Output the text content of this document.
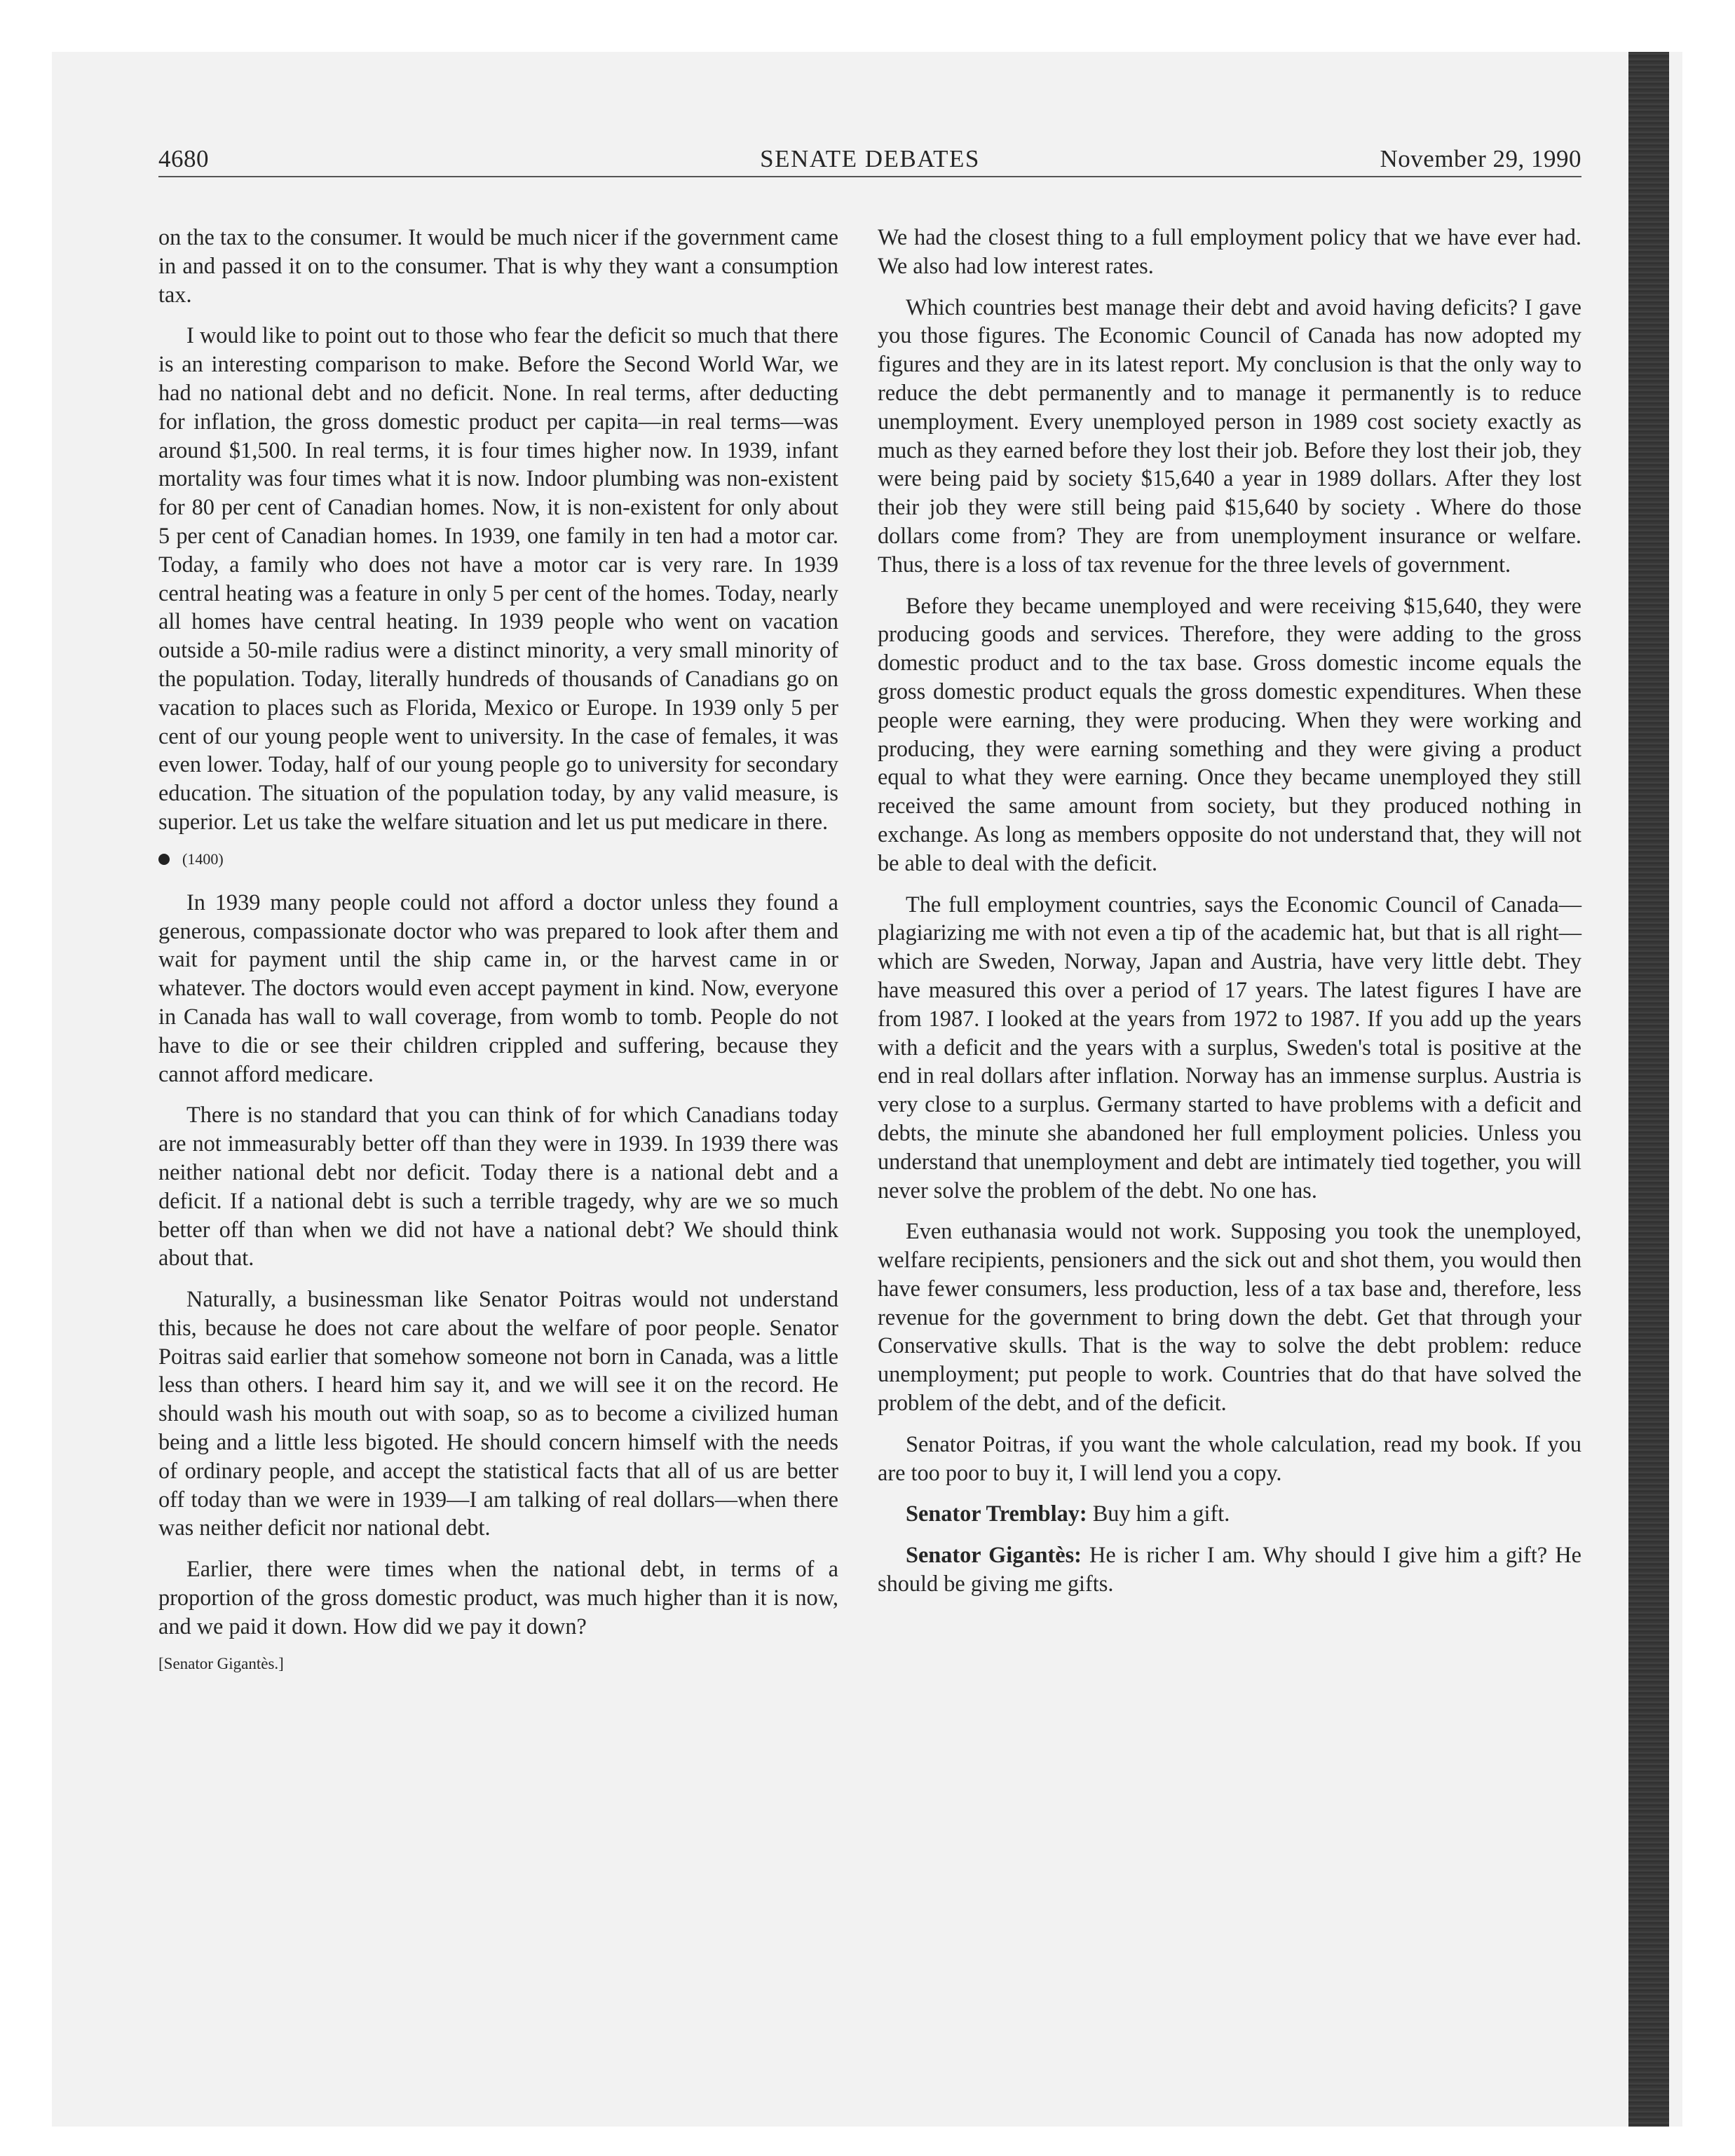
4680	SENATE DEBATES	November 29, 1990

on the tax to the consumer. It would be much nicer if the government came in and passed it on to the consumer. That is why they want a consumption tax.

I would like to point out to those who fear the deficit so much that there is an interesting comparison to make. Before the Second World War, we had no national debt and no deficit. None. In real terms, after deducting for inflation, the gross domestic product per capita—in real terms—was around $1,500. In real terms, it is four times higher now. In 1939, infant mortality was four times what it is now. Indoor plumbing was non-existent for 80 per cent of Canadian homes. Now, it is non-existent for only about 5 per cent of Canadian homes. In 1939, one family in ten had a motor car. Today, a family who does not have a motor car is very rare. In 1939 central heating was a feature in only 5 per cent of the homes. Today, nearly all homes have central heating. In 1939 people who went on vacation outside a 50-mile radius were a distinct minority, a very small minority of the population. Today, literally hundreds of thousands of Canadians go on vacation to places such as Florida, Mexico or Europe. In 1939 only 5 per cent of our young people went to university. In the case of females, it was even lower. Today, half of our young people go to university for secondary education. The situation of the population today, by any valid measure, is superior. Let us take the welfare situation and let us put medicare in there.

(1400)

In 1939 many people could not afford a doctor unless they found a generous, compassionate doctor who was prepared to look after them and wait for payment until the ship came in, or the harvest came in or whatever. The doctors would even accept payment in kind. Now, everyone in Canada has wall to wall coverage, from womb to tomb. People do not have to die or see their children crippled and suffering, because they cannot afford medicare.

There is no standard that you can think of for which Canadians today are not immeasurably better off than they were in 1939. In 1939 there was neither national debt nor deficit. Today there is a national debt and a deficit. If a national debt is such a terrible tragedy, why are we so much better off than when we did not have a national debt? We should think about that.

Naturally, a businessman like Senator Poitras would not understand this, because he does not care about the welfare of poor people. Senator Poitras said earlier that somehow someone not born in Canada, was a little less than others. I heard him say it, and we will see it on the record. He should wash his mouth out with soap, so as to become a civilized human being and a little less bigoted. He should concern himself with the needs of ordinary people, and accept the statistical facts that all of us are better off today than we were in 1939—I am talking of real dollars—when there was neither deficit nor national debt.

Earlier, there were times when the national debt, in terms of a proportion of the gross domestic product, was much higher than it is now, and we paid it down. How did we pay it down?

[Senator Gigantès.]

We had the closest thing to a full employment policy that we have ever had. We also had low interest rates.

Which countries best manage their debt and avoid having deficits? I gave you those figures. The Economic Council of Canada has now adopted my figures and they are in its latest report. My conclusion is that the only way to reduce the debt permanently and to manage it permanently is to reduce unemployment. Every unemployed person in 1989 cost society exactly as much as they earned before they lost their job. Before they lost their job, they were being paid by society $15,640 a year in 1989 dollars. After they lost their job they were still being paid $15,640 by society . Where do those dollars come from? They are from unemployment insurance or welfare. Thus, there is a loss of tax revenue for the three levels of government.

Before they became unemployed and were receiving $15,640, they were producing goods and services. Therefore, they were adding to the gross domestic product and to the tax base. Gross domestic income equals the gross domestic product equals the gross domestic expenditures. When these people were earning, they were producing. When they were working and producing, they were earning something and they were giving a product equal to what they were earning. Once they became unemployed they still received the same amount from society, but they produced nothing in exchange. As long as members opposite do not understand that, they will not be able to deal with the deficit.

The full employment countries, says the Economic Council of Canada—plagiarizing me with not even a tip of the academic hat, but that is all right—which are Sweden, Norway, Japan and Austria, have very little debt. They have measured this over a period of 17 years. The latest figures I have are from 1987. I looked at the years from 1972 to 1987. If you add up the years with a deficit and the years with a surplus, Sweden's total is positive at the end in real dollars after inflation. Norway has an immense surplus. Austria is very close to a surplus. Germany started to have problems with a deficit and debts, the minute she abandoned her full employment policies. Unless you understand that unemployment and debt are intimately tied together, you will never solve the problem of the debt. No one has.

Even euthanasia would not work. Supposing you took the unemployed, welfare recipients, pensioners and the sick out and shot them, you would then have fewer consumers, less production, less of a tax base and, therefore, less revenue for the government to bring down the debt. Get that through your Conservative skulls. That is the way to solve the debt problem: reduce unemployment; put people to work. Countries that do that have solved the problem of the debt, and of the deficit.

Senator Poitras, if you want the whole calculation, read my book. If you are too poor to buy it, I will lend you a copy.

Senator Tremblay: Buy him a gift.

Senator Gigantès: He is richer I am. Why should I give him a gift? He should be giving me gifts.
